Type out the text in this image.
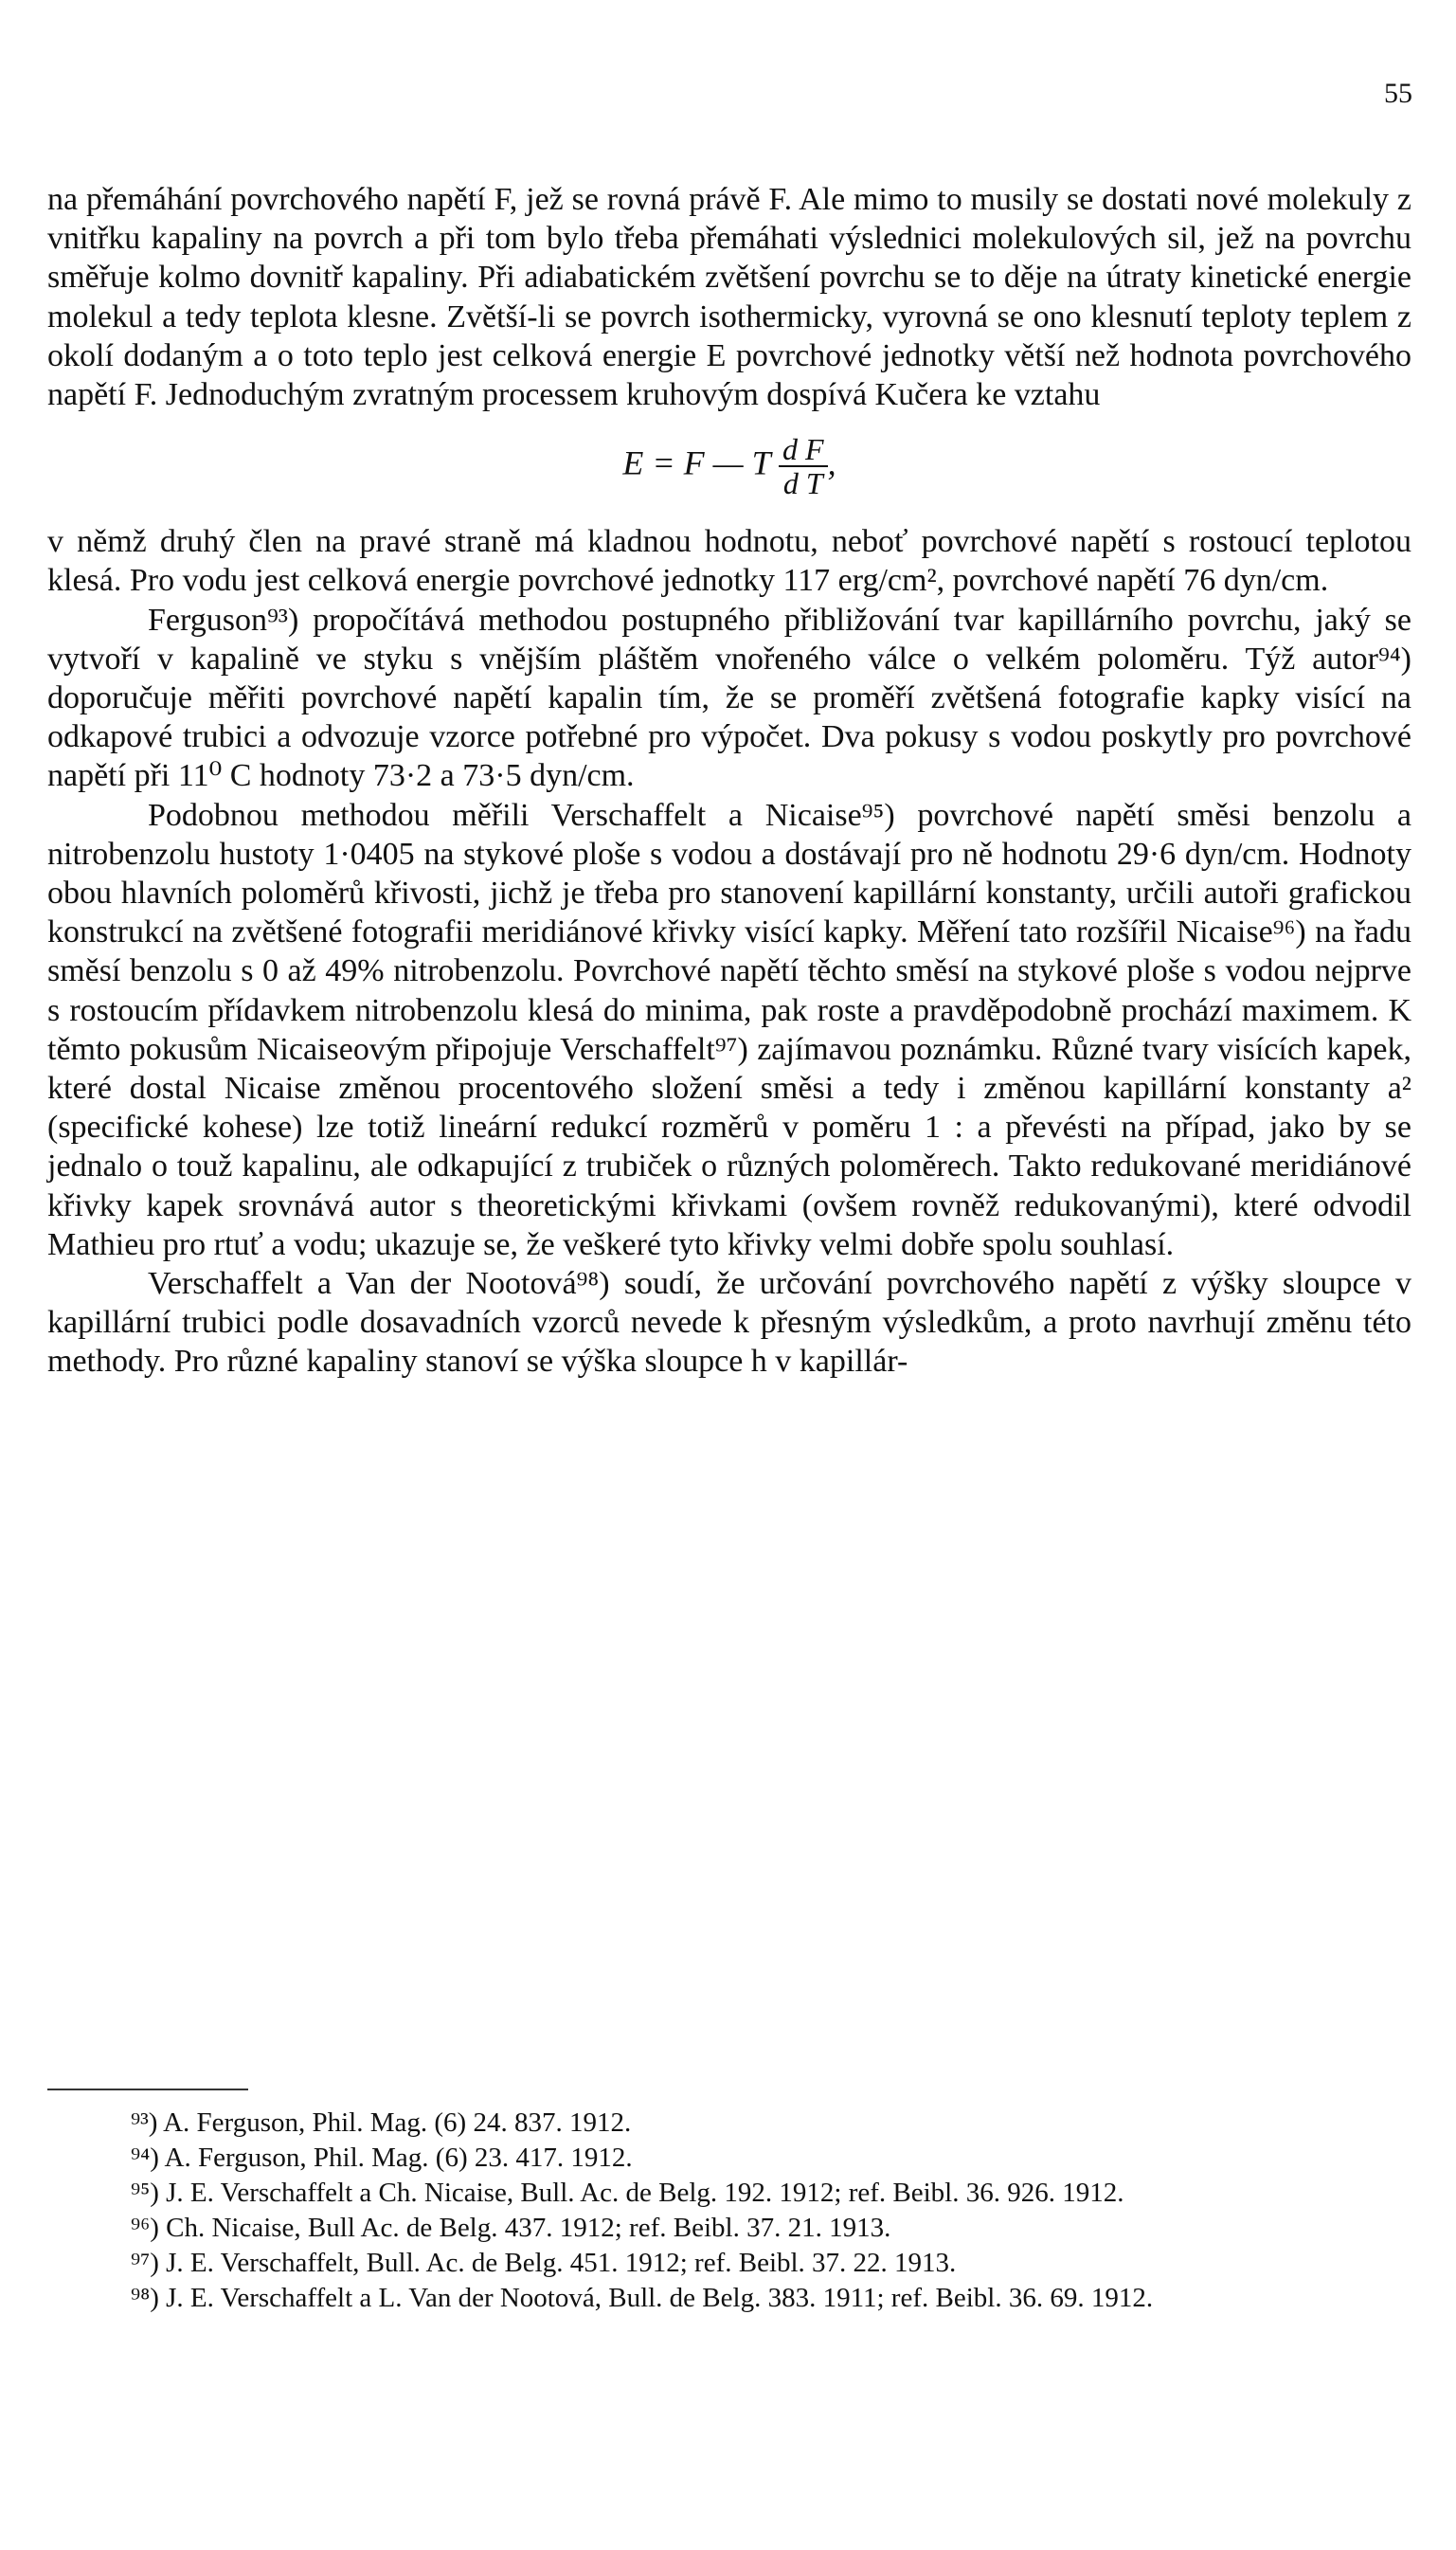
55

na přemáhání povrchového napětí F, jež se rovná právě F. Ale mimo to musily se dostati nové molekuly z vnitřku kapaliny na povrch a při tom bylo třeba přemáhati výslednici molekulových sil, jež na povrchu směřuje kolmo dovnitř kapaliny. Při adiabatickém zvětšení povrchu se to děje na útraty kinetické energie molekul a tedy teplota klesne. Zvětší-li se povrch isothermicky, vyrovná se ono klesnutí teploty teplem z okolí dodaným a o toto teplo jest celková energie E povrchové jednotky větší než hodnota povrchového napětí F. Jednoduchým zvratným processem kruhovým dospívá Kučera ke vztahu

E = F — T $\frac{\text{d F}}{\text{d T}}$ ,

v němž druhý člen na pravé straně má kladnou hodnotu, neboť povrchové napětí s rostoucí teplotou klesá. Pro vodu jest celková energie povrchové jednotky 117 erg/cm², povrchové napětí 76 dyn/cm.

Ferguson⁹³) propočítává methodou postupného přibližování tvar kapillárního povrchu, jaký se vytvoří v kapalině ve styku s vnějším pláštěm vnořeného válce o velkém poloměru. Týž autor⁹⁴) doporučuje měřiti povrchové napětí kapalin tím, že se proměří zvětšená fotografie kapky visící na odkapové trubici a odvozuje vzorce potřebné pro výpočet. Dva pokusy s vodou poskytly pro povrchové napětí při 11⁰ C hodnoty 73·2 a 73·5 dyn/cm.

Podobnou methodou měřili Verschaffelt a Nicaise⁹⁵) povrchové napětí směsi benzolu a nitrobenzolu hustoty 1·0405 na stykové ploše s vodou a dostávají pro ně hodnotu 29·6 dyn/cm. Hodnoty obou hlavních poloměrů křivosti, jichž je třeba pro stanovení kapillární konstanty, určili autoři grafickou konstrukcí na zvětšené fotografii meridiánové křivky visící kapky. Měření tato rozšířil Nicaise⁹⁶) na řadu směsí benzolu s 0 až 49% nitrobenzolu. Povrchové napětí těchto směsí na stykové ploše s vodou nejprve s rostoucím přídavkem nitrobenzolu klesá do minima, pak roste a pravděpodobně prochází maximem. K těmto pokusům Nicaiseovým připojuje Verschaffelt⁹⁷) zajímavou poznámku. Různé tvary visících kapek, které dostal Nicaise změnou procentového složení směsi a tedy i změnou kapillární konstanty a² (specifické kohese) lze totiž lineární redukcí rozměrů v poměru 1 : a převésti na případ, jako by se jednalo o touž kapalinu, ale odkapující z trubiček o různých poloměrech. Takto redukované meridiánové křivky kapek srovnává autor s theoretickými křivkami (ovšem rovněž redukovanými), které odvodil Mathieu pro rtuť a vodu; ukazuje se, že veškeré tyto křivky velmi dobře spolu souhlasí.

Verschaffelt a Van der Nootová⁹⁸) soudí, že určování povrchového napětí z výšky sloupce v kapillární trubici podle dosavadních vzorců nevede k přesným výsledkům, a proto navrhují změnu této methody. Pro různé kapaliny stanoví se výška sloupce h v kapillár-

⁹³) A. Ferguson, Phil. Mag. (6) 24. 837. 1912.

⁹⁴) A. Ferguson, Phil. Mag. (6) 23. 417. 1912.

⁹⁵) J. E. Verschaffelt a Ch. Nicaise, Bull. Ac. de Belg. 192. 1912; ref. Beibl. 36. 926. 1912.

⁹⁶) Ch. Nicaise, Bull Ac. de Belg. 437. 1912; ref. Beibl. 37. 21. 1913.

⁹⁷) J. E. Verschaffelt, Bull. Ac. de Belg. 451. 1912; ref. Beibl. 37. 22. 1913.

⁹⁸) J. E. Verschaffelt a L. Van der Nootová, Bull. de Belg. 383. 1911; ref. Beibl. 36. 69. 1912.
